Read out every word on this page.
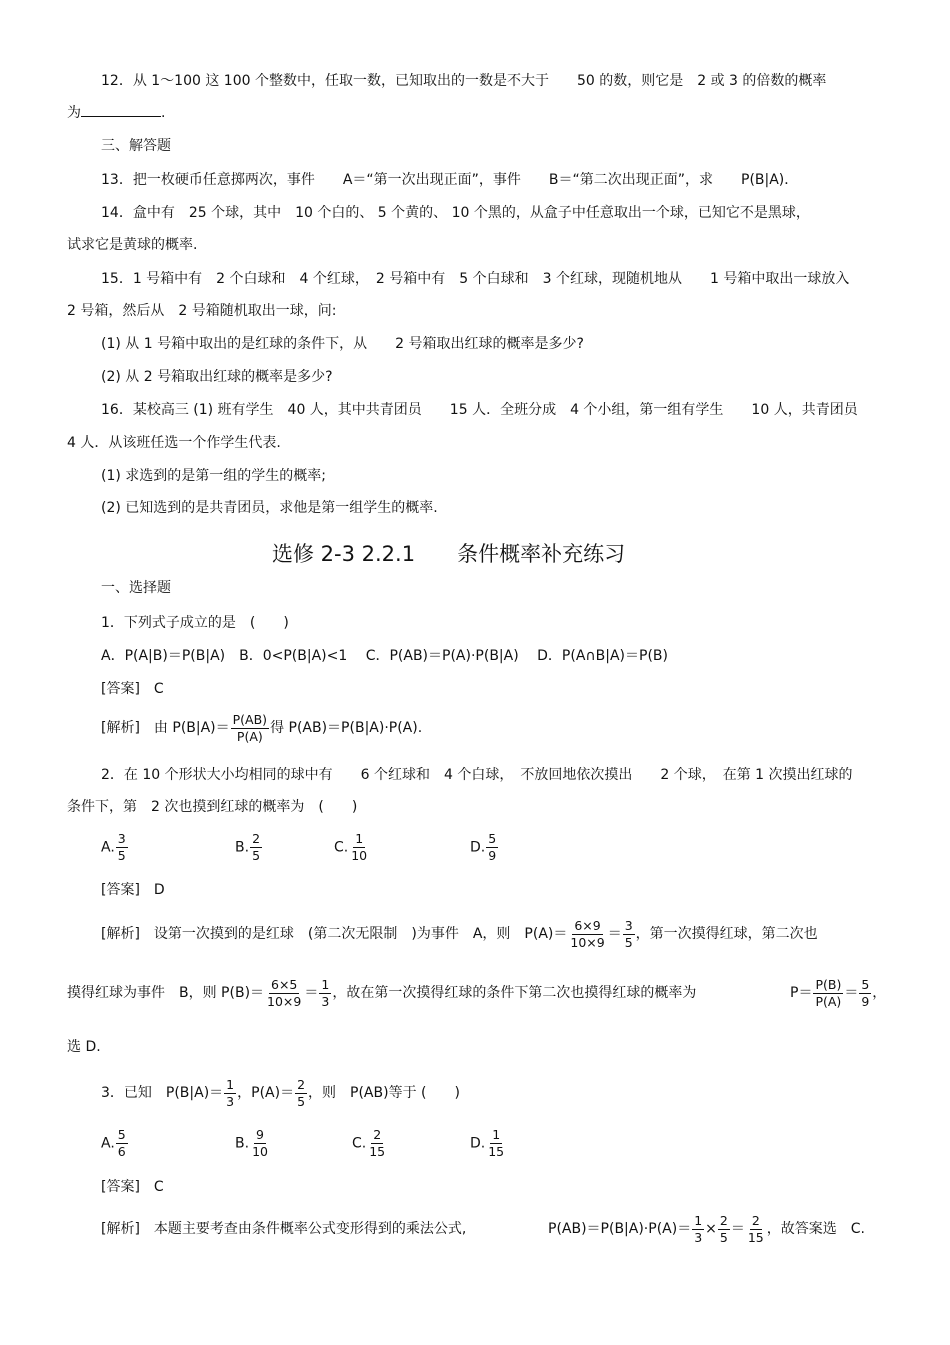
12．从 1～100 这 100 个整数中，任取一数，已知取出的一数是不大于　　50 的数，则它是　2 或 3 的倍数的概率
为	.
三、解答题
13．把一枚硬币任意掷两次，事件　　A＝“第一次出现正面”，事件　　B＝“第二次出现正面”，求　　P(B|A)．
14．盒中有　25 个球，其中　10 个白的、 5 个黄的、 10 个黑的，从盒子中任意取出一个球，已知它不是黑球，
试求它是黄球的概率.
15．1 号箱中有　2 个白球和　4 个红球，　2 号箱中有　5 个白球和　3 个红球，现随机地从　　1 号箱中取出一球放入
2 号箱，然后从　2 号箱随机取出一球，问:
(1) 从 1 号箱中取出的是红球的条件下，从　　2 号箱取出红球的概率是多少?
(2) 从 2 号箱取出红球的概率是多少?
16．某校高三 (1) 班有学生　40 人，其中共青团员　　15 人．全班分成　4 个小组，第一组有学生　　10 人，共青团员
4 人．从该班任选一个作学生代表.
(1) 求选到的是第一组的学生的概率;
(2) 已知选到的是共青团员，求他是第一组学生的概率.
选修 2-3 2.2.1　　条件概率补充练习
一、选择题
1．下列式子成立的是　(　　)
A．P(A|B)＝P(B|A)　B．0<P(B|A)<1　 C．P(AB)＝P(A)·P(B|A)　 D．P(A∩B|A)＝P(B)
[答案]　C
[解析]　由 $P(B|A)= \frac{P(AB)}{P(A)}$ 得 P(AB)＝P(B|A)·P(A).
2．在 10 个形状大小均相同的球中有　　6 个红球和　4 个白球，　不放回地依次摸出　　2 个球，　在第 1 次摸出红球的
条件下，第　2 次也摸到红球的概率为　(　　)
A. $\frac{3}{5}$	B. $\frac{2}{5}$	C. $\frac{1}{10}$	D. $\frac{5}{9}$
[答案]　D
[解析]　设第一次摸到的是红球　(第二次无限制　)为事件　A，则　$P(A)= \frac{6\times 9}{10\times 9} = \frac{3}{5}$ ，第一次摸得红球，第二次也
摸得红球为事件　B，则 $P(B)= \frac{6\times 5}{10\times 9} = \frac{1}{3}$ ，故在第一次摸得红球的条件下第二次也摸得红球的概率为	$P= \frac{P(B)}{P(A)} = \frac{5}{9}$ ，
选 D.
3．已知　$P(B|A)= \frac{1}{3}$ ，$P(A)= \frac{2}{5}$ ，则　P(AB)等于 (　　)
A. $\frac{5}{6}$	B. $\frac{9}{10}$	C. $\frac{2}{15}$	D. $\frac{1}{15}$
[答案]　C
[解析]　本题主要考查由条件概率公式变形得到的乘法公式,	$P(AB)=P(B|A)\cdot P(A)= \frac{1}{3} \times \frac{2}{5} = \frac{2}{15}$ ，故答案选　C.
